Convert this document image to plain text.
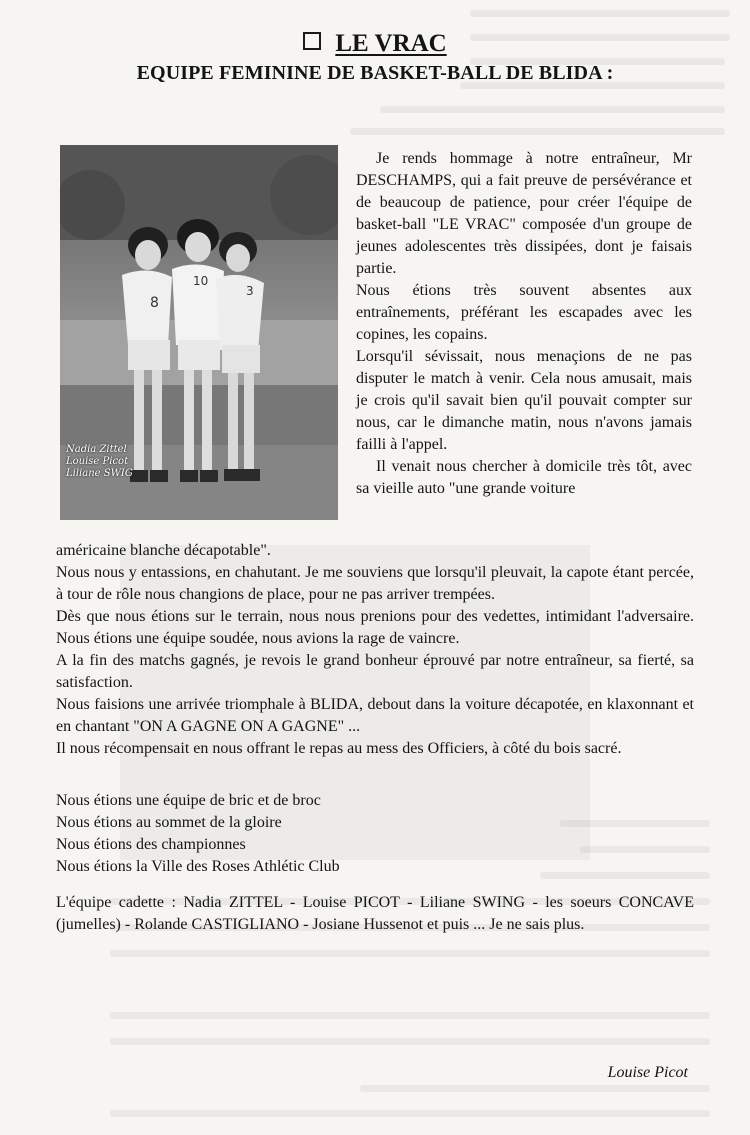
LE VRAC
EQUIPE FEMININE DE BASKET-BALL DE BLIDA :
8
10
3
Nadia Zittel
Louise Picot
Liliane SWIG

Je rends hommage à notre entraîneur, Mr DESCHAMPS, qui a fait preuve de persévérance et de beaucoup de patience, pour créer l'équipe de basket-ball "LE VRAC" composée d'un groupe de jeunes adolescentes très dissipées, dont je faisais partie.

Nous étions très souvent absentes aux entraînements, préférant les escapades avec les copines, les copains.

Lorsqu'il sévissait, nous menaçions de ne pas disputer le match à venir. Cela nous amusait, mais je crois qu'il savait bien qu'il pouvait compter sur nous, car le dimanche matin, nous n'avons jamais failli à l'appel.

Il venait nous chercher à domicile très tôt, avec sa vieille auto "une grande voiture

américaine blanche décapotable".

Nous nous y entassions, en chahutant. Je me souviens que lorsqu'il pleuvait, la capote étant percée, à tour de rôle nous changions de place, pour ne pas arriver trempées.

Dès que nous étions sur le terrain, nous nous prenions pour des vedettes, intimidant l'adversaire. Nous étions une équipe soudée, nous avions la rage de vaincre.

A la fin des matchs gagnés, je revois le grand bonheur éprouvé par notre entraîneur, sa fierté, sa satisfaction.

Nous faisions une arrivée triomphale à BLIDA, debout dans la voiture décapotée, en klaxonnant et en chantant "ON A GAGNE ON A GAGNE" ...

Il nous récompensait en nous offrant le repas au mess des Officiers, à côté du bois sacré.

Nous étions une équipe de bric et de broc

Nous étions au sommet de la gloire

Nous étions des championnes

Nous étions la Ville des Roses Athlétic Club

L'équipe cadette : Nadia ZITTEL - Louise PICOT - Liliane SWING - les soeurs CONCAVE (jumelles) - Rolande CASTIGLIANO - Josiane Hussenot et puis ... Je ne sais plus.

Louise Picot
